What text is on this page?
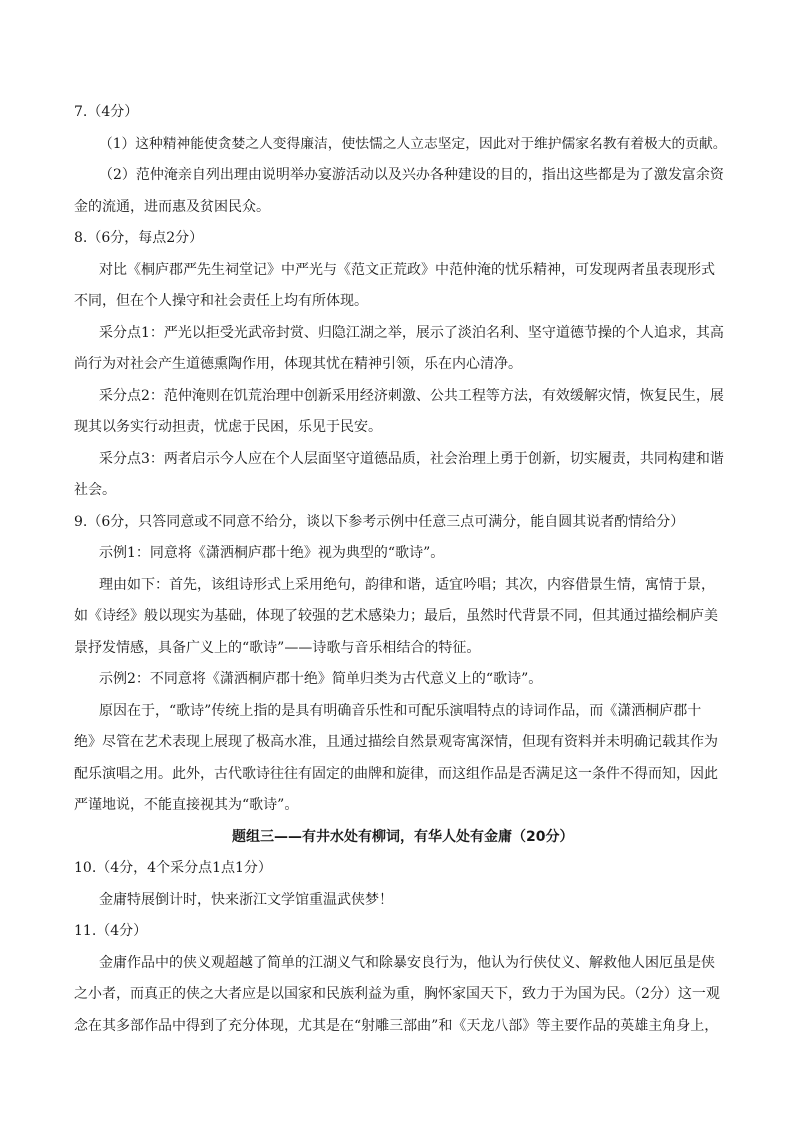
7.（4分）
（1）这种精神能使贪婪之人变得廉洁，使怯懦之人立志坚定，因此对于维护儒家名教有着极大的贡献。
（2）范仲淹亲自列出理由说明举办宴游活动以及兴办各种建设的目的，指出这些都是为了激发富余资
金的流通，进而惠及贫困民众。
8.（6分，每点2分）
对比《桐庐郡严先生祠堂记》中严光与《范文正荒政》中范仲淹的忧乐精神，可发现两者虽表现形式
不同，但在个人操守和社会责任上均有所体现。
采分点1：严光以拒受光武帝封赏、归隐江湖之举，展示了淡泊名利、坚守道德节操的个人追求，其高
尚行为对社会产生道德熏陶作用，体现其忧在精神引领，乐在内心清净。
采分点2：范仲淹则在饥荒治理中创新采用经济刺激、公共工程等方法，有效缓解灾情，恢复民生，展
现其以务实行动担责，忧虑于民困，乐见于民安。
采分点3：两者启示今人应在个人层面坚守道德品质，社会治理上勇于创新，切实履责，共同构建和谐
社会。
9.（6分，只答同意或不同意不给分，谈以下参考示例中任意三点可满分，能自圆其说者酌情给分）
示例1：同意将《潇洒桐庐郡十绝》视为典型的“歌诗”。
理由如下：首先，该组诗形式上采用绝句，韵律和谐，适宜吟唱；其次，内容借景生情，寓情于景，
如《诗经》般以现实为基础，体现了较强的艺术感染力；最后，虽然时代背景不同，但其通过描绘桐庐美
景抒发情感，具备广义上的“歌诗”——诗歌与音乐相结合的特征。
示例2：不同意将《潇洒桐庐郡十绝》简单归类为古代意义上的“歌诗”。
原因在于，“歌诗”传统上指的是具有明确音乐性和可配乐演唱特点的诗词作品，而《潇洒桐庐郡十
绝》尽管在艺术表现上展现了极高水准，且通过描绘自然景观寄寓深情，但现有资料并未明确记载其作为
配乐演唱之用。此外，古代歌诗往往有固定的曲牌和旋律，而这组作品是否满足这一条件不得而知，因此
严谨地说，不能直接视其为“歌诗”。
题组三——有井水处有柳词，有华人处有金庸（20分）
10.（4分，4个采分点1点1分）
金庸特展倒计时，快来浙江文学馆重温武侠梦！
11.（4分）
金庸作品中的侠义观超越了简单的江湖义气和除暴安良行为，他认为行侠仗义、解救他人困厄虽是侠
之小者，而真正的侠之大者应是以国家和民族利益为重，胸怀家国天下，致力于为国为民。（2分）这一观
念在其多部作品中得到了充分体现，尤其是在“射雕三部曲”和《天龙八部》等主要作品的英雄主角身上，
